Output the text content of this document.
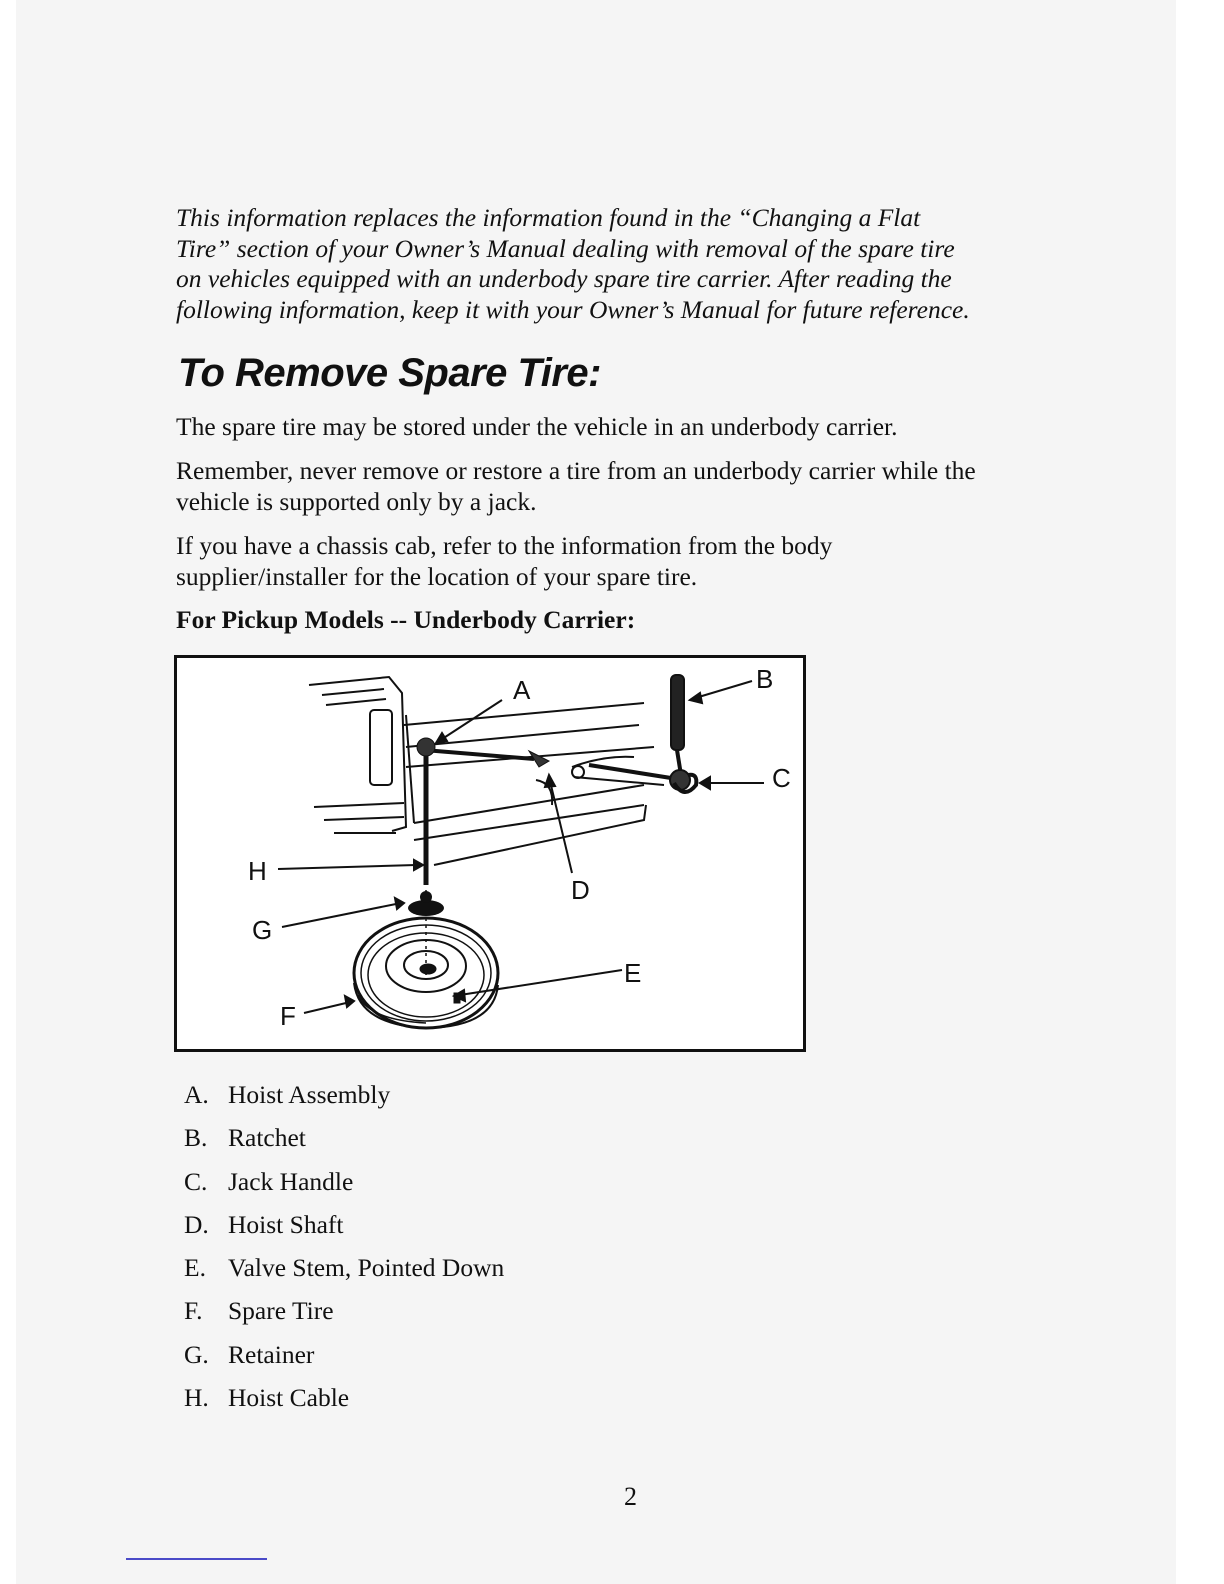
This information replaces the information found in the “Changing a Flat
Tire” section of your Owner’s Manual dealing with removal of the spare tire
on vehicles equipped with an underbody spare tire carrier. After reading the
following information, keep it with your Owner’s Manual for future reference.

To Remove Spare Tire:

The spare tire may be stored under the vehicle in an underbody carrier.

Remember, never remove or restore a tire from an underbody carrier while the
vehicle is supported only by a jack.

If you have a chassis cab, refer to the information from the body
supplier/installer for the location of your spare tire.

For Pickup Models -- Underbody Carrier:
A	B
C
D
E
F
G
H
A. Hoist Assembly
B. Ratchet
C. Jack Handle
D. Hoist Shaft
E. Valve Stem, Pointed Down
F. Spare Tire
G. Retainer
H. Hoist Cable
2
